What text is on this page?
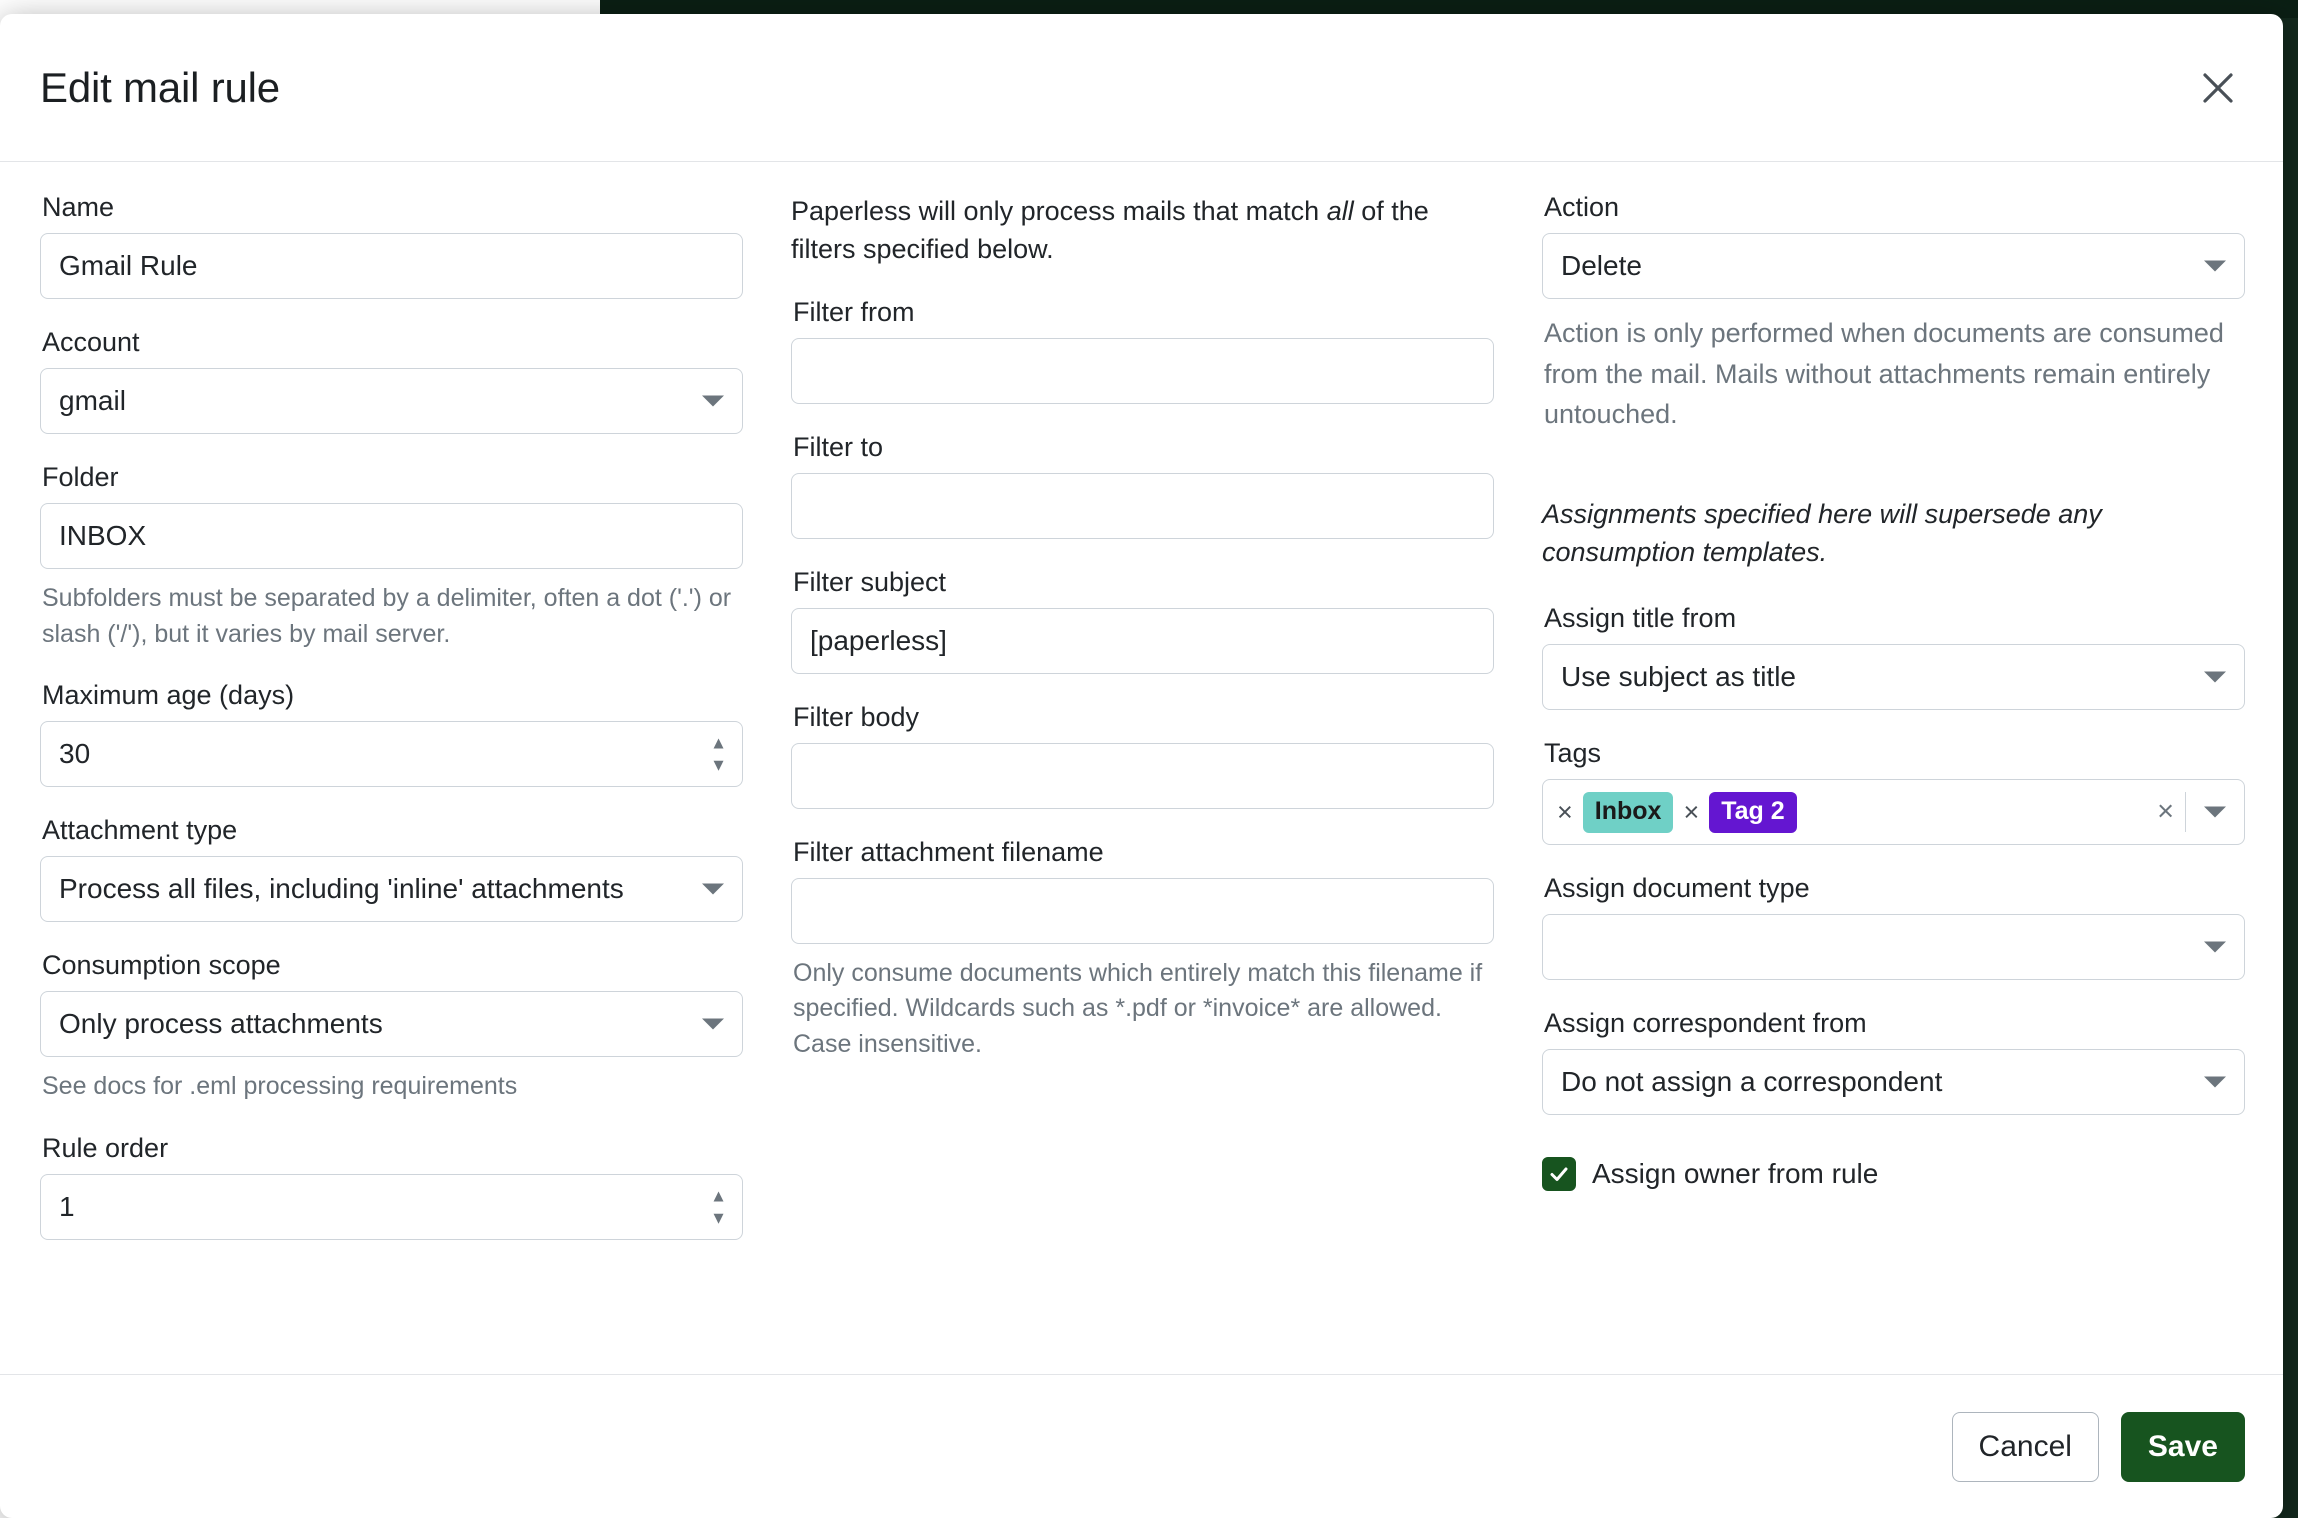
Edit mail rule
Name
Gmail Rule
Account
gmail
Folder
INBOX
Subfolders must be separated by a delimiter, often a dot ('.') or slash ('/'), but it varies by mail server.
Maximum age (days)
30
▲
▼
Attachment type
Process all files, including 'inline' attachments
Consumption scope
Only process attachments
See docs for .eml processing requirements
Rule order
1
▲
▼

Paperless will only process mails that match all of the filters specified below.

Filter from
Filter to
Filter subject
[paperless]
Filter body
Filter attachment filename
Only consume documents which entirely match this filename if specified. Wildcards such as *.pdf or *invoice* are allowed. Case insensitive.
Action
Delete
Action is only performed when documents are consumed from the mail. Mails without attachments remain entirely untouched.
Assignments specified here will supersede any consumption templates.
Assign title from
Use subject as title
Tags
× Inbox × Tag 2	×
Assign document type
Assign correspondent from
Do not assign a correspondent
Assign owner from rule
Cancel	Save
